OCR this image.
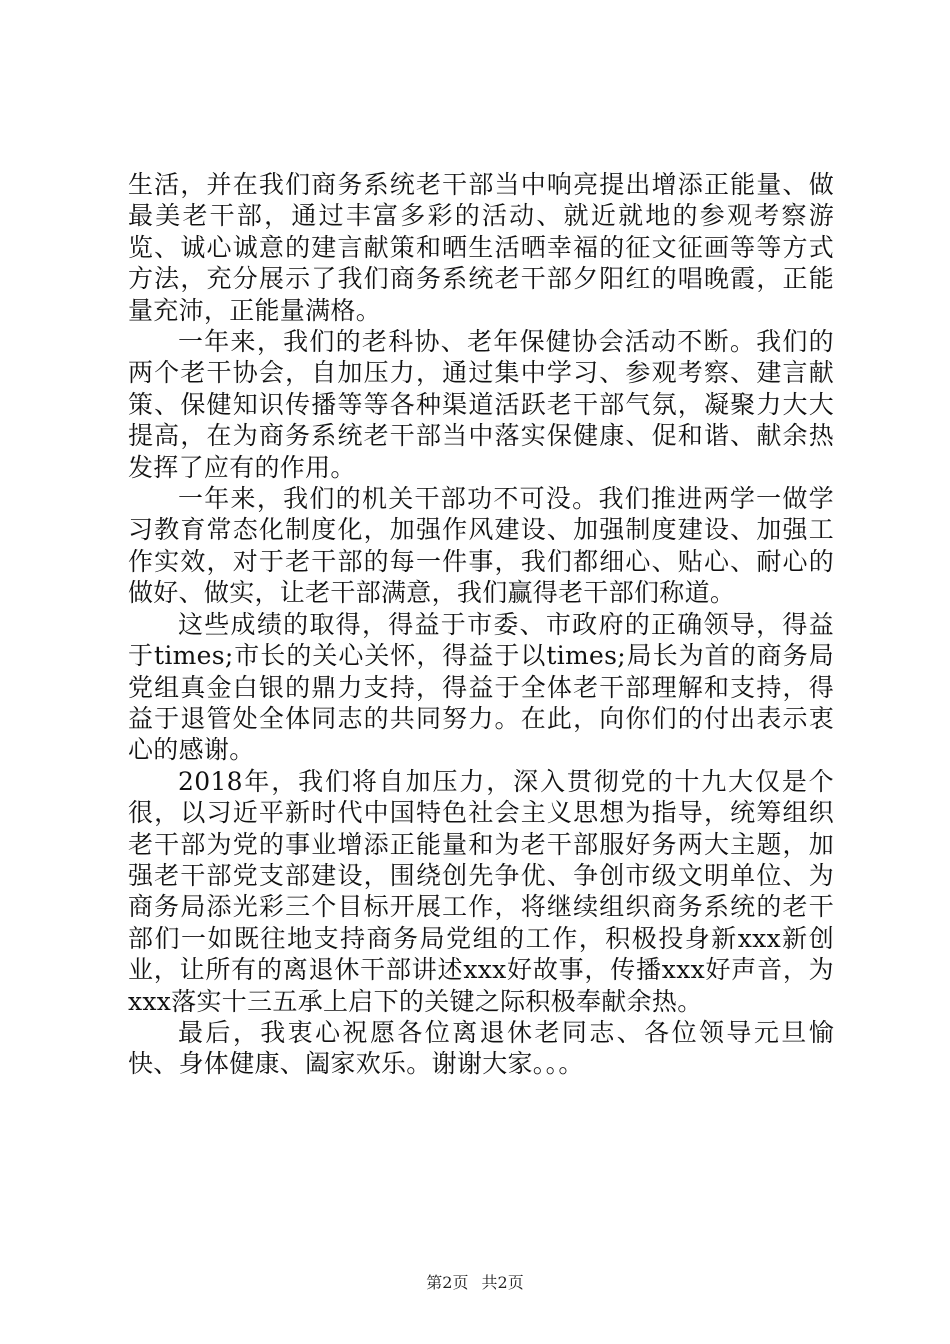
生活，并在我们商务系统老干部当中响亮提出增添正能量、做最美老干部，通过丰富多彩的活动、就近就地的参观考察游览、诚心诚意的建言献策和晒生活晒幸福的征文征画等等方式方法，充分展示了我们商务系统老干部夕阳红的唱晚霞，正能量充沛，正能量满格。

一年来，我们的老科协、老年保健协会活动不断。我们的两个老干协会，自加压力，通过集中学习、参观考察、建言献策、保健知识传播等等各种渠道活跃老干部气氛，凝聚力大大提高，在为商务系统老干部当中落实保健康、促和谐、献余热发挥了应有的作用。

一年来，我们的机关干部功不可没。我们推进两学一做学习教育常态化制度化，加强作风建设、加强制度建设、加强工作实效，对于老干部的每一件事，我们都细心、贴心、耐心的做好、做实，让老干部满意，我们赢得老干部们称道。

这些成绩的取得，得益于市委、市政府的正确领导，得益于times;市长的关心关怀，得益于以times;局长为首的商务局党组真金白银的鼎力支持，得益于全体老干部理解和支持，得益于退管处全体同志的共同努力。在此，向你们的付出表示衷心的感谢。

2018年，我们将自加压力，深入贯彻党的十九大仅是个很，以习近平新时代中国特色社会主义思想为指导，统筹组织老干部为党的事业增添正能量和为老干部服好务两大主题，加强老干部党支部建设，围绕创先争优、争创市级文明单位、为商务局添光彩三个目标开展工作，将继续组织商务系统的老干部们一如既往地支持商务局党组的工作，积极投身新xxx新创业，让所有的离退休干部讲述xxx好故事，传播xxx好声音，为xxx落实十三五承上启下的关键之际积极奉献余热。

最后，我衷心祝愿各位离退休老同志、各位领导元旦愉快、身体健康、阖家欢乐。谢谢大家。。。

第2页 共2页
